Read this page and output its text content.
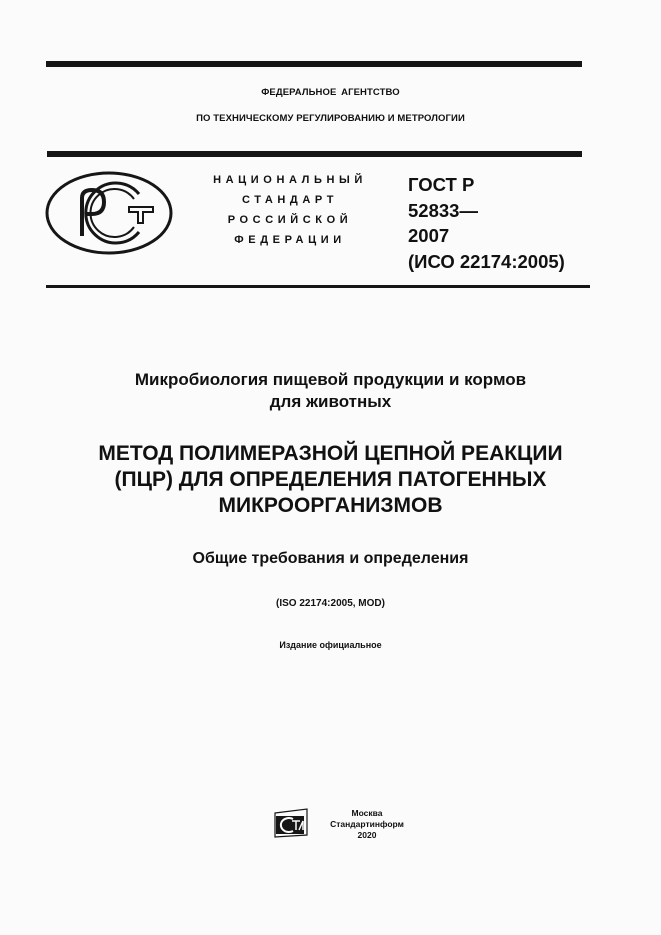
ФЕДЕРАЛЬНОЕ АГЕНТСТВО
ПО ТЕХНИЧЕСКОМУ РЕГУЛИРОВАНИЮ И МЕТРОЛОГИИ
НАЦИОНАЛЬНЫЙ
СТАНДАРТ
РОССИЙСКОЙ
ФЕДЕРАЦИИ
ГОСТ Р
52833—
2007
(ИСО 22174:2005)
Микробиология пищевой продукции и кормов
для животных
МЕТОД ПОЛИМЕРАЗНОЙ ЦЕПНОЙ РЕАКЦИИ
(ПЦР) ДЛЯ ОПРЕДЕЛЕНИЯ ПАТОГЕННЫХ
МИКРООРГАНИЗМОВ
Общие требования и определения
(ISO 22174:2005, MOD)
Издание официальное
Москва
Стандартинформ
2020
